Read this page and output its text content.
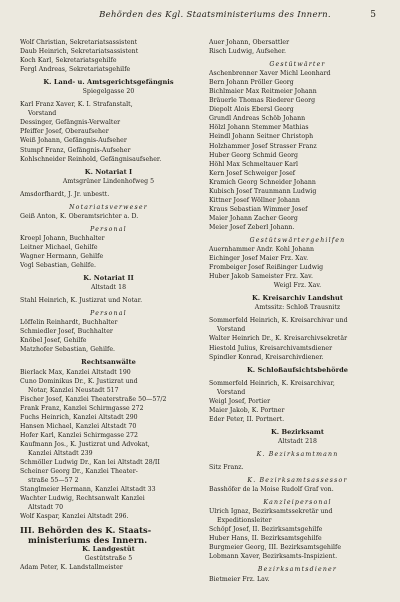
Behörden des Kgl. Staatsministeriums des Innern.	5
Wolf Christian, Sekretariatsassistent
Daub Heinrich, Sekretariatsassistent
Koch Karl, Sekretariatsgehilfe
Fergl Andreas, Sekretariatsgehilfe
K. Land- u. Amtsgerichtsgefängnis
Spiegelgasse 20
Karl Franz Xaver, K. I. Strafanstalt,
Vorstand
Dessinger, Gefängnis-Verwalter
Pfeiffer Josef, Oberaufseher
Weiß Johann, Gefängnis-Aufseher
Stumpf Franz, Gefängnis-Aufseher
Kohlschneider Reinhold, Gefängnisaufseher.
K. Notariat I
Amtsgrüner Lindenhofweg 5
Amsdorfhardt, J. Jr. unbestt.
Notariatsverweser
Geiß Anton, K. Oberamtsrichter a. D.
Personal
Kroepl Johann, Buchhalter
Leitner Michael, Gehilfe
Wagner Hermann, Gehilfe
Vogl Sebastian, Gehilfe.
K. Notariat II
Altstadt 18
Stahl Heinrich, K. Justizrat und Notar.
Personal
Löffelin Reinhardt, Buchhalter
Schmiedler Josef, Buchhalter
Knöbel Josef, Gehilfe
Matzhofer Sebastian, Gehilfe.
Rechtsanwälte
Bierlack Max, Kanzlei Altstadt 190
Cuno Dominikus Dr., K. Justizrat und
Notar, Kanzlei Neustadt 517
Fischer Josef, Kanzlei Theaterstraße 50—57/2
Frank Franz, Kanzlei Schirmgasse 272
Fuchs Heinrich, Kanzlei Altstadt 290
Hansen Michael, Kanzlei Altstadt 70
Hofer Karl, Kanzlei Schirmgasse 272
Kaufmann Jos., K. Justizrat und Advokat,
Kanzlei Altstadt 239
Schmöller Ludwig Dr., Kan lei Altstadt 28/II
Scheiner Georg Dr., Kanzlei Theater-
straße 55—57 2
Stanglmeier Hermann, Kanzlei Altstadt 33
Wachter Ludwig, Rechtsanwalt Kanzlei
Altstadt 70
Wolf Kaspar, Kanzlei Altstadt 296.
III. Behörden des K. Staats-
ministeriums des Innern.
K. Landgestüt
Gestütstraße 5
Adam Peter, K. Landstallmeister
Auer Johann, Obersattler
Risch Ludwig, Aufseher.
Gestütwärter
Aschenbrenner Xaver Michl Leonhard
Bern Johann Pröller Georg
Bichlmaier Max Reitmeier Johann
Bräuerle Thomas Riederer Georg
Diepolt Alois Ebersl Georg
Grundl Andreas Schöb Johann
Hölzl Johann Stemmer Mathias
Heindl Johann Seitner Christoph
Holzhammer Josef Strasser Franz
Huber Georg Schmid Georg
Höhl Max Schmeltauer Karl
Kern Josef Schweiger Josef
Kramich Georg Schneider Johann
Kubisch Josef Traunmann Ludwig
Kittner Josef Wöllner Johann
Kraus Sebastian Wimmer Josef
Maier Johann Zacher Georg
Meier Josef Zeberl Johann.
Gestütswärtergehilfen
Auernhammer Andr. Kohl Johann
Eichinger Josef Maier Frz. Xav.
Frombeiger Josef Reißinger Ludwig
Huber Jakob Sameister Frz. Xav.
Weigl Frz. Xav.
K. Kreisarchiv Landshut
Amtssitz: Schloß Trausnitz
Sommerfeld Heinrich, K. Kreisarchivar und
Vorstand
Walter Heinrich Dr., K. Kreisarchivsekretär
Hiestold Julius, Kreisarchivamtsdiener
Spindler Konrad, Kreisarchivdiener.
K. Schloßaufsichtsbehörde
Sommerfeld Heinrich, K. Kreisarchivar,
Vorstand
Weigl Josef, Portier
Maier Jakob, K. Portner
Eder Peter, II. Portnert.
K. Bezirksamt
Altstadt 218
K. Bezirksamtmann
Sitz Franz.
K. Bezirksamtsassessor
Basshöfer de la Moise Rudolf Graf von.
Kanzleipersonal
Ulrich Ignaz, Bezirksamtssekretär und
Expeditionsleiter
Schöpf Josef, II. Bezirksamtsgehilfe
Huber Hans, II. Bezirksamtsgehilfe
Burgmeier Georg, III. Bezirksamtsgehilfe
Lobmann Xaver, Bezirksamts-Inspizient.
Bezirksamtsdiener
Bietmeier Frz. Lav.
